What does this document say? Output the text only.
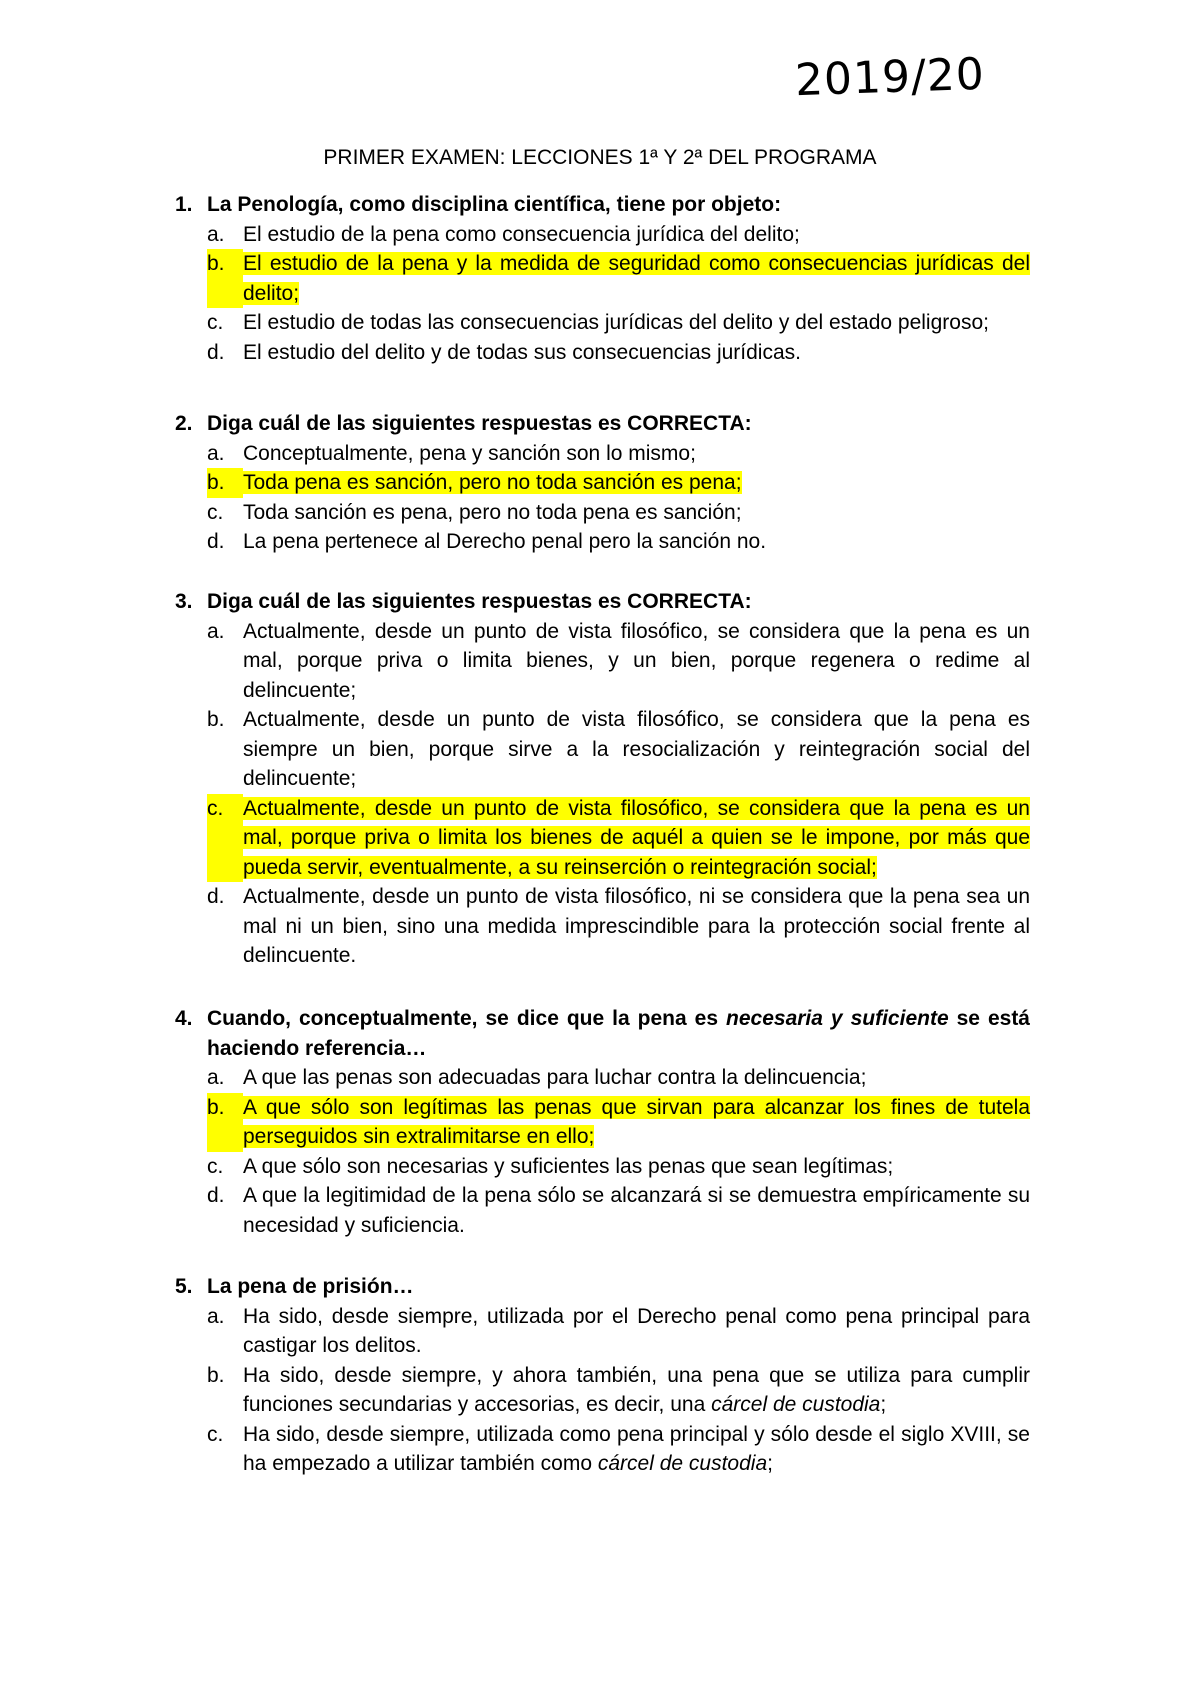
2019/20
PRIMER EXAMEN: LECCIONES 1ª Y 2ª DEL PROGRAMA
1. La Penología, como disciplina científica, tiene por objeto:
a. El estudio de la pena como consecuencia jurídica del delito;
b. El estudio de la pena y la medida de seguridad como consecuencias jurídicas del delito;
c. El estudio de todas las consecuencias jurídicas del delito y del estado peligroso;
d. El estudio del delito y de todas sus consecuencias jurídicas.
2. Diga cuál de las siguientes respuestas es CORRECTA:
a. Conceptualmente, pena y sanción son lo mismo;
b. Toda pena es sanción, pero no toda sanción es pena;
c. Toda sanción es pena, pero no toda pena es sanción;
d. La pena pertenece al Derecho penal pero la sanción no.
3. Diga cuál de las siguientes respuestas es CORRECTA:
a. Actualmente, desde un punto de vista filosófico, se considera que la pena es un mal, porque priva o limita bienes, y un bien, porque regenera o redime al delincuente;
b. Actualmente, desde un punto de vista filosófico, se considera que la pena es siempre un bien, porque sirve a la resocialización y reintegración social del delincuente;
c. Actualmente, desde un punto de vista filosófico, se considera que la pena es un mal, porque priva o limita los bienes de aquél a quien se le impone, por más que pueda servir, eventualmente, a su reinserción o reintegración social;
d. Actualmente, desde un punto de vista filosófico, ni se considera que la pena sea un mal ni un bien, sino una medida imprescindible para la protección social frente al delincuente.
4. Cuando, conceptualmente, se dice que la pena es necesaria y suficiente se está haciendo referencia…
a. A que las penas son adecuadas para luchar contra la delincuencia;
b. A que sólo son legítimas las penas que sirvan para alcanzar los fines de tutela perseguidos sin extralimitarse en ello;
c. A que sólo son necesarias y suficientes las penas que sean legítimas;
d. A que la legitimidad de la pena sólo se alcanzará si se demuestra empíricamente su necesidad y suficiencia.
5. La pena de prisión…
a. Ha sido, desde siempre, utilizada por el Derecho penal como pena principal para castigar los delitos.
b. Ha sido, desde siempre, y ahora también, una pena que se utiliza para cumplir funciones secundarias y accesorias, es decir, una cárcel de custodia;
c. Ha sido, desde siempre, utilizada como pena principal y sólo desde el siglo XVIII, se ha empezado a utilizar también como cárcel de custodia;
